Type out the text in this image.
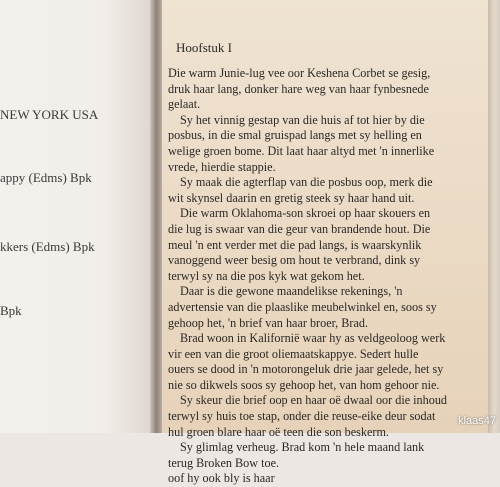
NEW YORK USA
appy (Edms) Bpk
kkers (Edms) Bpk
Bpk
Hoofstuk I
Die warm Junie-lug vee oor Keshena Corbet se gesig,
druk haar lang, donker hare weg van haar fynbesnede
gelaat.
Sy het vinnig gestap van die huis af tot hier by die
posbus, in die smal gruispad langs met sy helling en
welige groen bome. Dit laat haar altyd met 'n innerlike
vrede, hierdie stappie.
Sy maak die agterflap van die posbus oop, merk die
wit skynsel daarin en gretig steek sy haar hand uit.
Die warm Oklahoma-son skroei op haar skouers en
die lug is swaar van die geur van brandende hout. Die
meul 'n ent verder met die pad langs, is waarskynlik
vanoggend weer besig om hout te verbrand, dink sy
terwyl sy na die pos kyk wat gekom het.
Daar is die gewone maandelikse rekenings, 'n
advertensie van die plaaslike meubelwinkel en, soos sy
gehoop het, 'n brief van haar broer, Brad.
Brad woon in Kalifornië waar hy as veldgeoloog werk
vir een van die groot oliemaatskappye. Sedert hulle
ouers se dood in 'n motorongeluk drie jaar gelede, het sy
nie so dikwels soos sy gehoop het, van hom gehoor nie.
Sy skeur die brief oop en haar oë dwaal oor die inhoud
terwyl sy huis toe stap, onder die reuse-eike deur sodat
hul groen blare haar oë teen die son beskerm.
Sy glimlag verheug. Brad kom 'n hele maand lank
terug Broken Bow toe.
oof hy ook bly is haar
klaas47
